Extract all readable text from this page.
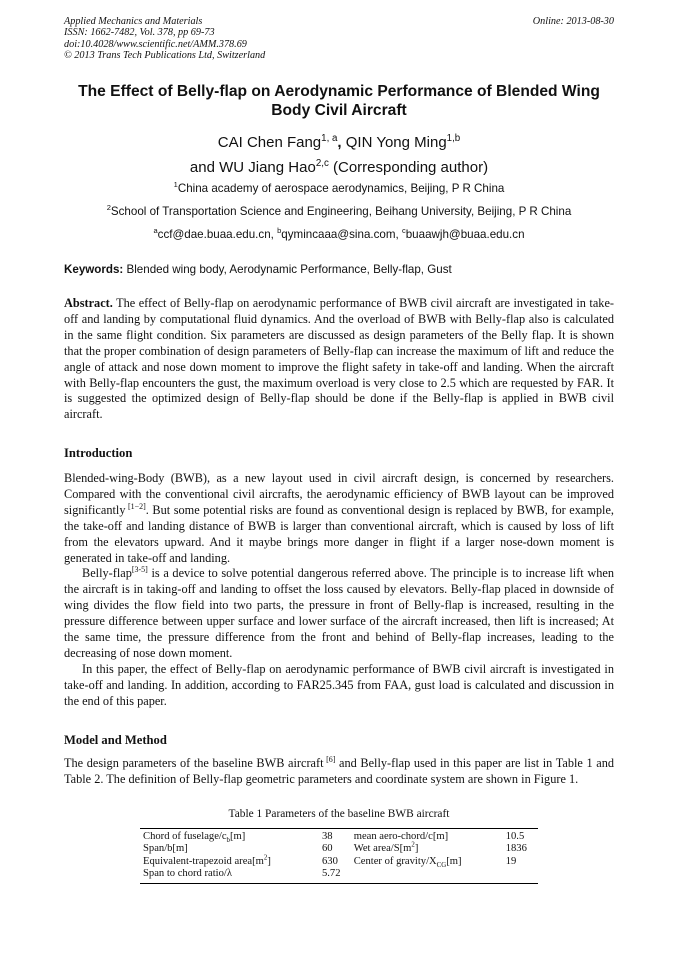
Applied Mechanics and Materials
ISSN: 1662-7482, Vol. 378, pp 69-73
doi:10.4028/www.scientific.net/AMM.378.69
© 2013 Trans Tech Publications Ltd, Switzerland
Online: 2013-08-30
The Effect of Belly-flap on Aerodynamic Performance of Blended Wing
Body Civil Aircraft
CAI Chen Fang$^{1, a}$, QIN Yong Ming$^{1,b}$
and WU Jiang Hao$^{2,c}$ (Corresponding author)
$^1$China academy of aerospace aerodynamics, Beijing, P R China
$^2$School of Transportation Science and Engineering, Beihang University, Beijing, P R China
$^a$ccf@dae.buaa.edu.cn, $^b$qymincaaa@sina.com, $^c$buaawjh@buaa.edu.cn
Keywords: Blended wing body, Aerodynamic Performance, Belly-flap, Gust

Abstract. The effect of Belly-flap on aerodynamic performance of BWB civil aircraft are investigated in take-off and landing by computational fluid dynamics. And the overload of BWB with Belly-flap also is calculated in the same flight condition. Six parameters are discussed as design parameters of the Belly flap. It is shown that the proper combination of design parameters of Belly-flap can increase the maximum of lift and reduce the angle of attack and nose down moment to improve the flight safety in take-off and landing. When the aircraft with Belly-flap encounters the gust, the maximum overload is very close to 2.5 which are requested by FAR. It is suggested the optimized design of Belly-flap should be done if the Belly-flap is applied in BWB civil aircraft.

Introduction

Blended-wing-Body (BWB), as a new layout used in civil aircraft design, is concerned by researchers. Compared with the conventional civil aircrafts, the aerodynamic efficiency of BWB layout can be improved significantly [1−2]. But some potential risks are found as conventional design is replaced by BWB, for example, the take-off and landing distance of BWB is larger than conventional aircraft, which is caused by loss of lift from the elevators upward. And it maybe brings more danger in flight if a larger nose-down moment is generated in take-off and landing.

Belly-flap[3-5] is a device to solve potential dangerous referred above. The principle is to increase lift when the aircraft is in taking-off and landing to offset the loss caused by elevators. Belly-flap placed in downside of wing divides the flow field into two parts, the pressure in front of Belly-flap is increased, resulting in the pressure difference between upper surface and lower surface of the aircraft increased, then lift is increased; At the same time, the pressure difference from the front and behind of Belly-flap increases, leading to the decreasing of nose down moment.

In this paper, the effect of Belly-flap on aerodynamic performance of BWB civil aircraft is investigated in take-off and landing. In addition, according to FAR25.345 from FAA, gust load is calculated and discussion in the end of this paper.

Model and Method

The design parameters of the baseline BWB aircraft [6] and Belly-flap used in this paper are list in Table 1 and Table 2. The definition of Belly-flap geometric parameters and coordinate system are shown in Figure 1.

Table 1 Parameters of the baseline BWB aircraft
Chord of fuselage/$c_b[m]$	38	mean aero-chord/c[m]	10.5
Span/b[m]	60	Wet area/$S[m^2]$	1836
Equivalent-trapezoid $area[m^2]$	630	Center of gravity/$X_{CG}[m]$	19
Span to chord ratio/λ	5.72		
